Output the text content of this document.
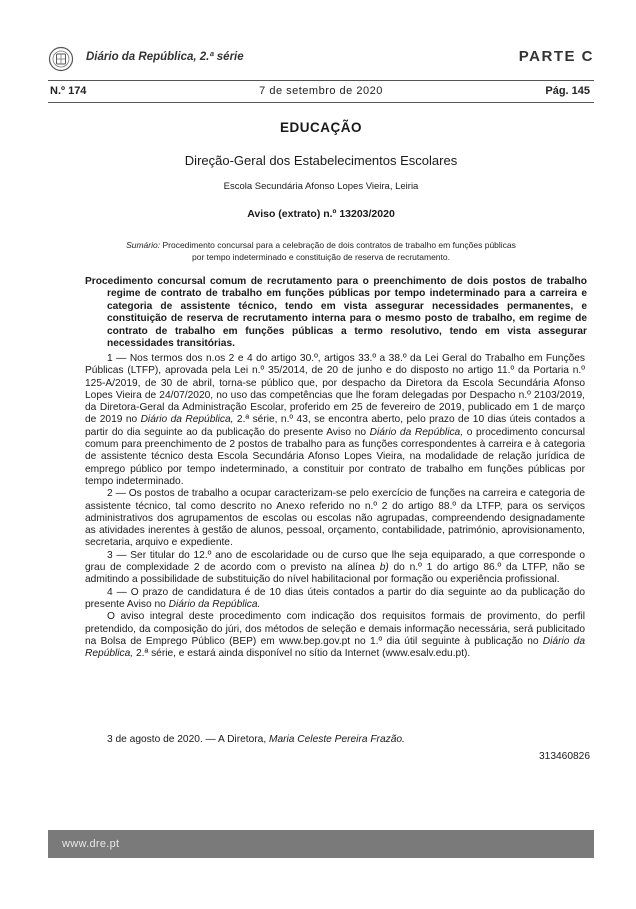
Diário da República, 2.ª série	PARTE C
N.º 174	7 de setembro de 2020	Pág. 145
EDUCAÇÃO
Direção-Geral dos Estabelecimentos Escolares
Escola Secundária Afonso Lopes Vieira, Leiria
Aviso (extrato) n.º 13203/2020
Sumário: Procedimento concursal para a celebração de dois contratos de trabalho em funções públicas por tempo indeterminado e constituição de reserva de recrutamento.
Procedimento concursal comum de recrutamento para o preenchimento de dois postos de trabalho regime de contrato de trabalho em funções públicas por tempo indeterminado para a carreira e categoria de assistente técnico, tendo em vista assegurar necessidades permanentes, e constituição de reserva de recrutamento interna para o mesmo posto de trabalho, em regime de contrato de trabalho em funções públicas a termo resolutivo, tendo em vista assegurar necessidades transitórias.

1 — Nos termos dos n.os 2 e 4 do artigo 30.º, artigos 33.º a 38.º da Lei Geral do Trabalho em Funções Públicas (LTFP), aprovada pela Lei n.º 35/2014, de 20 de junho e do disposto no artigo 11.º da Portaria n.º 125-A/2019, de 30 de abril, torna-se público que, por despacho da Diretora da Escola Secundária Afonso Lopes Vieira de 24/07/2020, no uso das competências que lhe foram delegadas por Despacho n.º 2103/2019, da Diretora-Geral da Administração Escolar, proferido em 25 de fevereiro de 2019, publicado em 1 de março de 2019 no Diário da República, 2.ª série, n.º 43, se encontra aberto, pelo prazo de 10 dias úteis contados a partir do dia seguinte ao da publicação do presente Aviso no Diário da República, o procedimento concursal comum para preenchimento de 2 postos de trabalho para as funções correspondentes à carreira e à categoria de assistente técnico desta Escola Secundária Afonso Lopes Vieira, na modalidade de relação jurídica de emprego público por tempo indeterminado, a constituir por contrato de trabalho em funções públicas por tempo indeterminado.

2 — Os postos de trabalho a ocupar caracterizam-se pelo exercício de funções na carreira e categoria de assistente técnico, tal como descrito no Anexo referido no n.º 2 do artigo 88.º da LTFP, para os serviços administrativos dos agrupamentos de escolas ou escolas não agrupadas, compreendendo designadamente as atividades inerentes à gestão de alunos, pessoal, orçamento, contabilidade, património, aprovisionamento, secretaria, arquivo e expediente.

3 — Ser titular do 12.º ano de escolaridade ou de curso que lhe seja equiparado, a que corresponde o grau de complexidade 2 de acordo com o previsto na alínea b) do n.º 1 do artigo 86.º da LTFP, não se admitindo a possibilidade de substituição do nível habilitacional por formação ou experiência profissional.

4 — O prazo de candidatura é de 10 dias úteis contados a partir do dia seguinte ao da publicação do presente Aviso no Diário da República.

O aviso integral deste procedimento com indicação dos requisitos formais de provimento, do perfil pretendido, da composição do júri, dos métodos de seleção e demais informação necessária, será publicitado na Bolsa de Emprego Público (BEP) em www.bep.gov.pt no 1.º dia útil seguinte à publicação no Diário da República, 2.ª série, e estará ainda disponível no sítio da Internet (www.esalv.edu.pt).

3 de agosto de 2020. — A Diretora, Maria Celeste Pereira Frazão.
313460826
www.dre.pt
